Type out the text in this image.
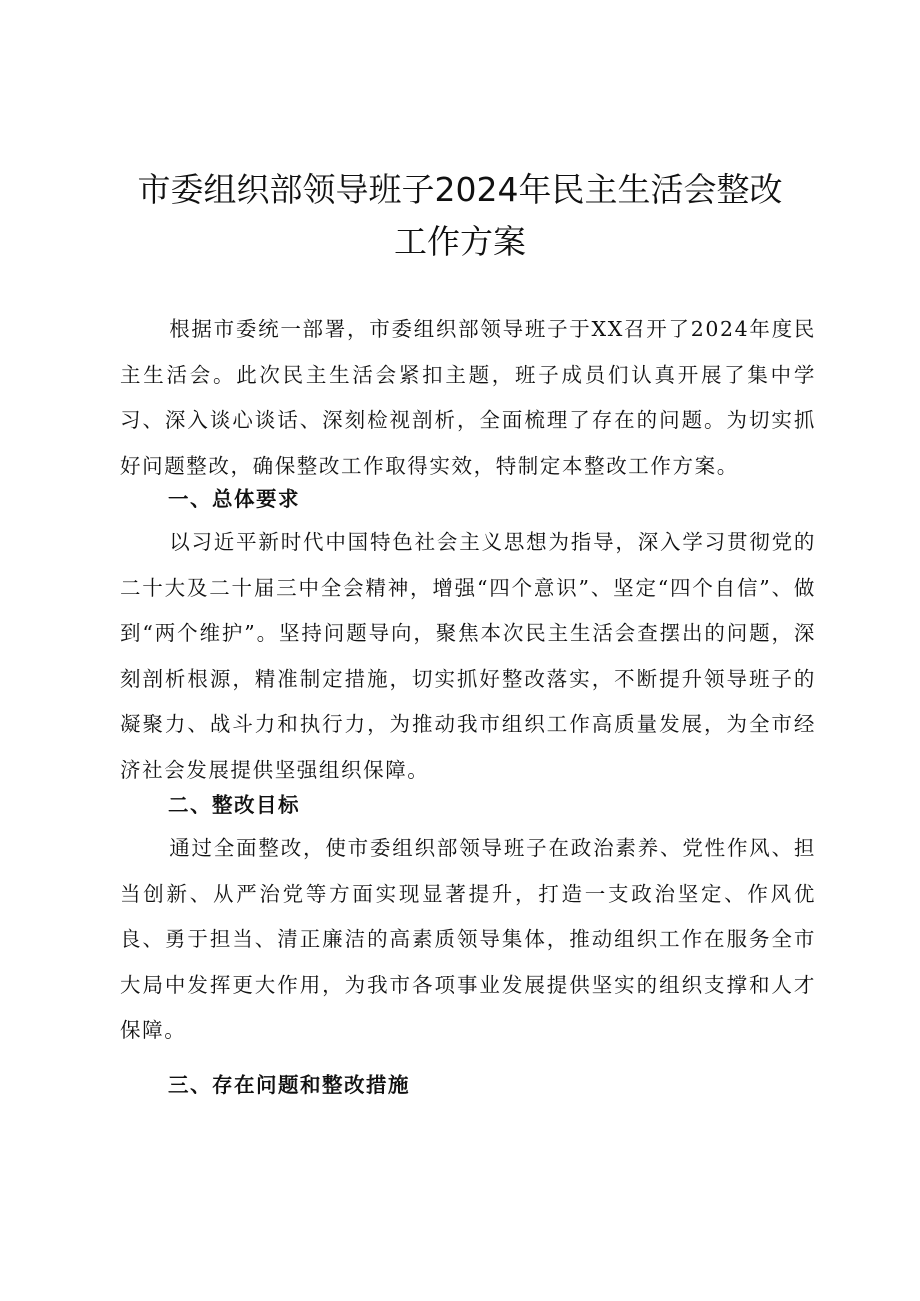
市委组织部领导班子2024年民主生活会整改
工作方案

根据市委统一部署，市委组织部领导班子于XX召开了2024年度民主生活会。此次民主生活会紧扣主题，班子成员们认真开展了集中学习、深入谈心谈话、深刻检视剖析，全面梳理了存在的问题。为切实抓好问题整改，确保整改工作取得实效，特制定本整改工作方案。

一、总体要求

以习近平新时代中国特色社会主义思想为指导，深入学习贯彻党的二十大及二十届三中全会精神，增强“四个意识”、坚定“四个自信”、做到“两个维护”。坚持问题导向，聚焦本次民主生活会查摆出的问题，深刻剖析根源，精准制定措施，切实抓好整改落实，不断提升领导班子的凝聚力、战斗力和执行力，为推动我市组织工作高质量发展，为全市经济社会发展提供坚强组织保障。

二、整改目标

通过全面整改，使市委组织部领导班子在政治素养、党性作风、担当创新、从严治党等方面实现显著提升，打造一支政治坚定、作风优良、勇于担当、清正廉洁的高素质领导集体，推动组织工作在服务全市大局中发挥更大作用，为我市各项事业发展提供坚实的组织支撑和人才保障。

三、存在问题和整改措施
